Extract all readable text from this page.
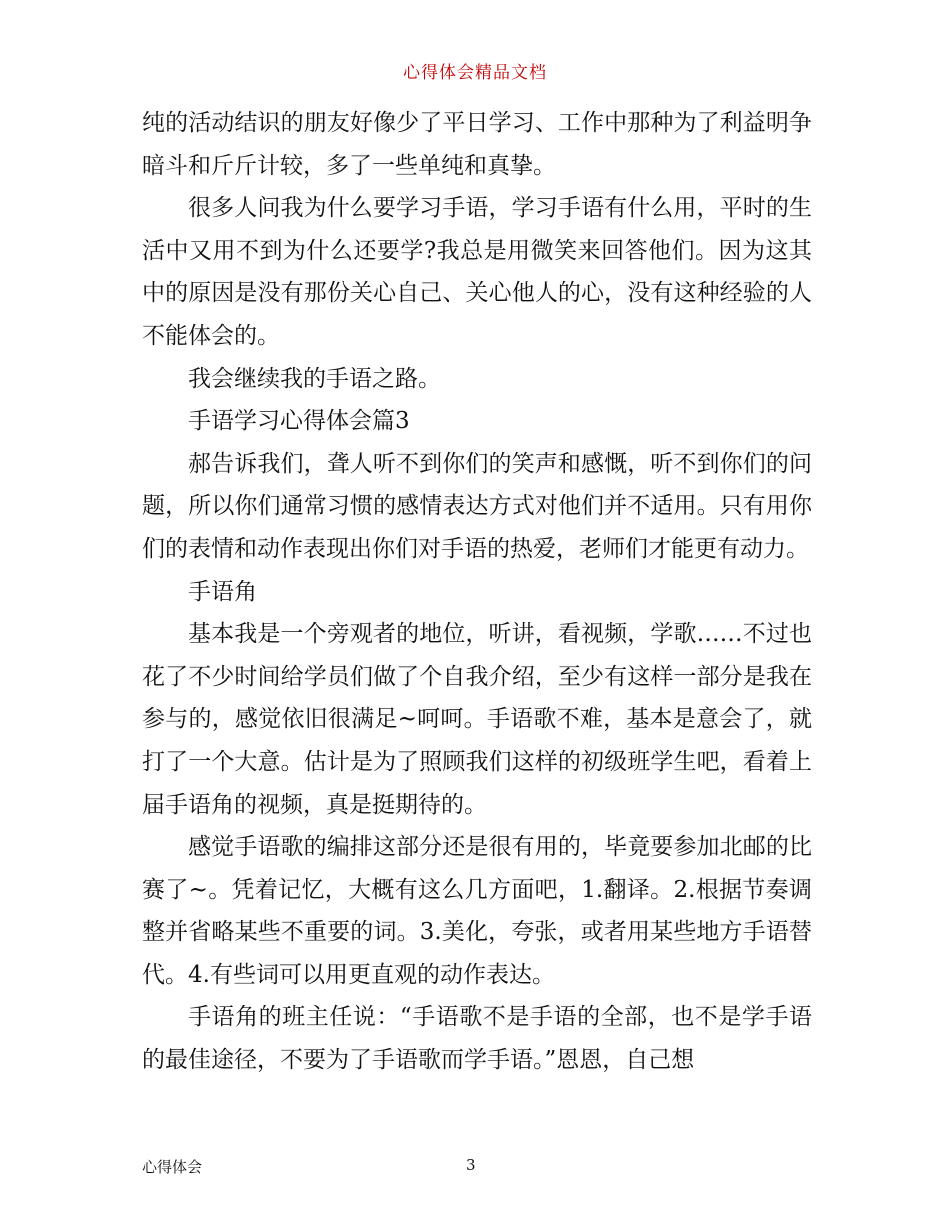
心得体会精品文档

纯的活动结识的朋友好像少了平日学习、工作中那种为了利益明争暗斗和斤斤计较，多了一些单纯和真挚。

很多人问我为什么要学习手语，学习手语有什么用，平时的生活中又用不到为什么还要学?我总是用微笑来回答他们。因为这其中的原因是没有那份关心自己、关心他人的心，没有这种经验的人不能体会的。

我会继续我的手语之路。

手语学习心得体会篇3

郝告诉我们，聋人听不到你们的笑声和感慨，听不到你们的问题，所以你们通常习惯的感情表达方式对他们并不适用。只有用你们的表情和动作表现出你们对手语的热爱，老师们才能更有动力。

手语角

基本我是一个旁观者的地位，听讲，看视频，学歌……不过也花了不少时间给学员们做了个自我介绍，至少有这样一部分是我在参与的，感觉依旧很满足~呵呵。手语歌不难，基本是意会了，就打了一个大意。估计是为了照顾我们这样的初级班学生吧，看着上届手语角的视频，真是挺期待的。

感觉手语歌的编排这部分还是很有用的，毕竟要参加北邮的比赛了~。凭着记忆，大概有这么几方面吧，1.翻译。2.根据节奏调整并省略某些不重要的词。3.美化，夸张，或者用某些地方手语替代。4.有些词可以用更直观的动作表达。

手语角的班主任说：“手语歌不是手语的全部，也不是学手语的最佳途径，不要为了手语歌而学手语。”恩恩，自己想

心得体会	3
